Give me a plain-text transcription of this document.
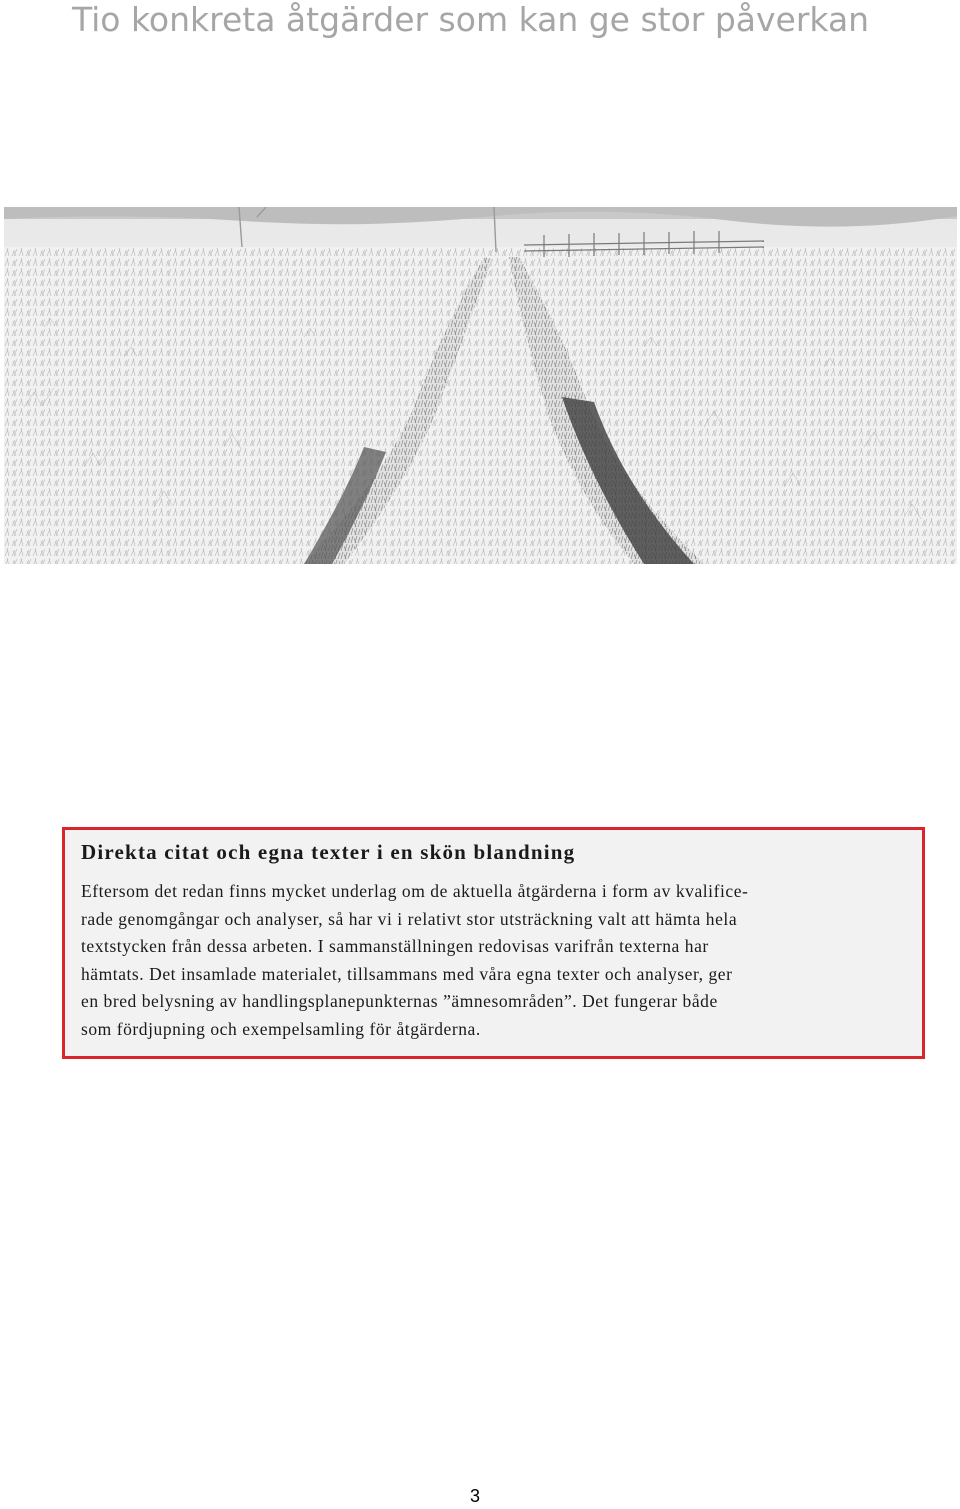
Tio konkreta åtgärder som kan ge stor påverkan
Direkta citat och egna texter i en skön blandning

Eftersom det redan finns mycket underlag om de aktuella åtgärderna i form av kvalifice-
rade genomgångar och analyser, så har vi i relativt stor utsträckning valt att hämta hela
textstycken från dessa arbeten. I sammanställningen redovisas varifrån texterna har
hämtats. Det insamlade materialet, tillsammans med våra egna texter och analyser, ger
en bred belysning av handlingsplanepunkternas ”ämnesområden”. Det fungerar både
som fördjupning och exempelsamling för åtgärderna.

3
